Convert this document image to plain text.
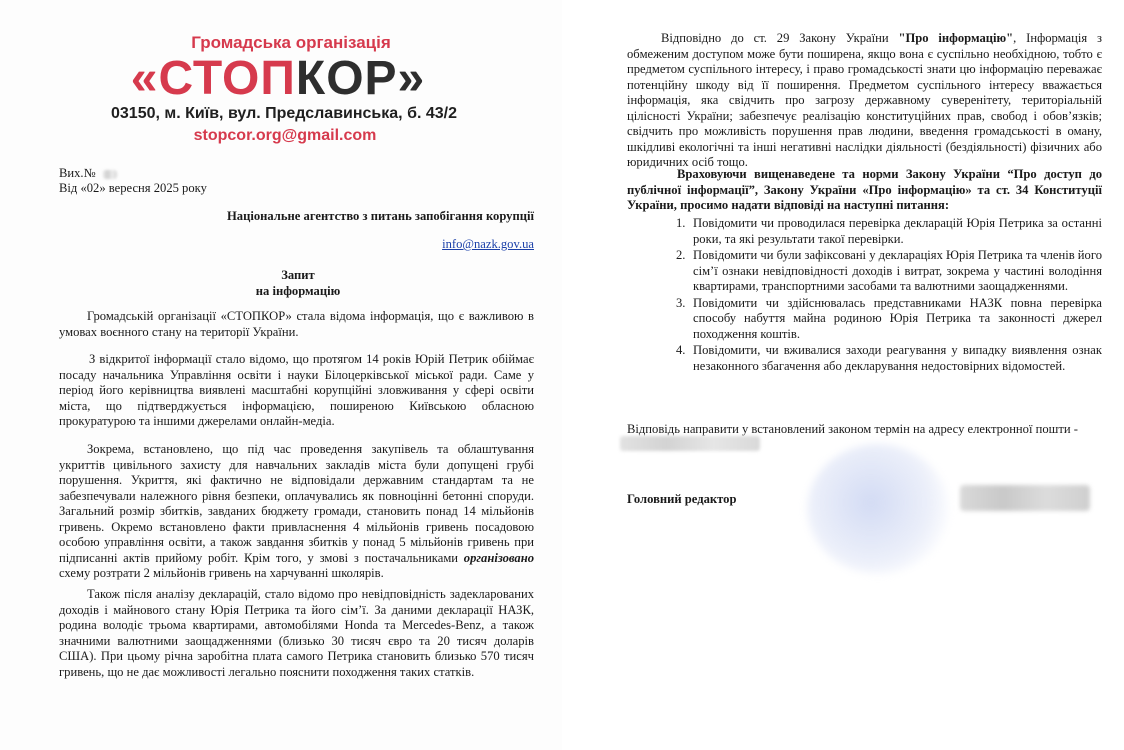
Громадська організація
«СТОПКОР»
03150, м. Київ, вул. Предславинська, б. 43/2
stopcor.org@gmail.com
Вих.№
Від «02» вересня 2025 року
Національне агентство з питань запобігання корупції
info@nazk.gov.ua
Запит
на інформацію
Громадській організації «СТОПКОР» стала відома інформація, що є важливою в умовах воєнного стану на території України.
З відкритої інформації стало відомо, що протягом 14 років Юрій Петрик обіймає посаду начальника Управління освіти і науки Білоцерківської міської ради. Саме у період його керівництва виявлені масштабні корупційні зловживання у сфері освіти міста, що підтверджується інформацією, поширеною Київською обласною прокуратурою та іншими джерелами онлайн-медіа.
Зокрема, встановлено, що під час проведення закупівель та облаштування укриттів цивільного захисту для навчальних закладів міста були допущені грубі порушення. Укриття, які фактично не відповідали державним стандартам та не забезпечували належного рівня безпеки, оплачувались як повноцінні бетонні споруди. Загальний розмір збитків, завданих бюджету громади, становить понад 14 мільйонів гривень. Окремо встановлено факти привласнення 4 мільйонів гривень посадовою особою управління освіти, а також завдання збитків у понад 5 мільйонів гривень при підписанні актів прийому робіт. Крім того, у змові з постачальниками організовано схему розтрати 2 мільйонів гривень на харчуванні школярів.
Також після аналізу декларацій, стало відомо про невідповідність задекларованих доходів і майнового стану Юрія Петрика та його сім’ї. За даними декларації НАЗК, родина володіє трьома квартирами, автомобілями Honda та Mercedes-Benz, а також значними валютними заощадженнями (близько 30 тисяч євро та 20 тисяч доларів США). При цьому річна заробітна плата самого Петрика становить близько 570 тисяч гривень, що не дає можливості легально пояснити походження таких статків.
Відповідно до ст. 29 Закону України "Про інформацію", Інформація з обмеженим доступом може бути поширена, якщо вона є суспільно необхідною, тобто є предметом суспільного інтересу, і право громадськості знати цю інформацію переважає потенційну шкоду від її поширення. Предметом суспільного інтересу вважається інформація, яка свідчить про загрозу державному суверенітету, територіальній цілісності України; забезпечує реалізацію конституційних прав, свобод і обов’язків; свідчить про можливість порушення прав людини, введення громадськості в оману, шкідливі екологічні та інші негативні наслідки діяльності (бездіяльності) фізичних або юридичних осіб тощо.
Враховуючи вищенаведене та норми Закону України “Про доступ до публічної інформації”, Закону України «Про інформацію» та ст. 34 Конституції України, просимо надати відповіді на наступні питання:
1. Повідомити чи проводилася перевірка декларацій Юрія Петрика за останні роки, та які результати такої перевірки.
2. Повідомити чи були зафіксовані у деклараціях Юрія Петрика та членів його сім’ї ознаки невідповідності доходів і витрат, зокрема у частині володіння квартирами, транспортними засобами та валютними заощадженнями.
3. Повідомити чи здійснювалась представниками НАЗК повна перевірка способу набуття майна родиною Юрія Петрика та законності джерел походження коштів.
4. Повідомити, чи вживалися заходи реагування у випадку виявлення ознак незаконного збагачення або декларування недостовірних відомостей.
Відповідь направити у встановлений законом термін на адресу електронної пошти -
Головний редактор
